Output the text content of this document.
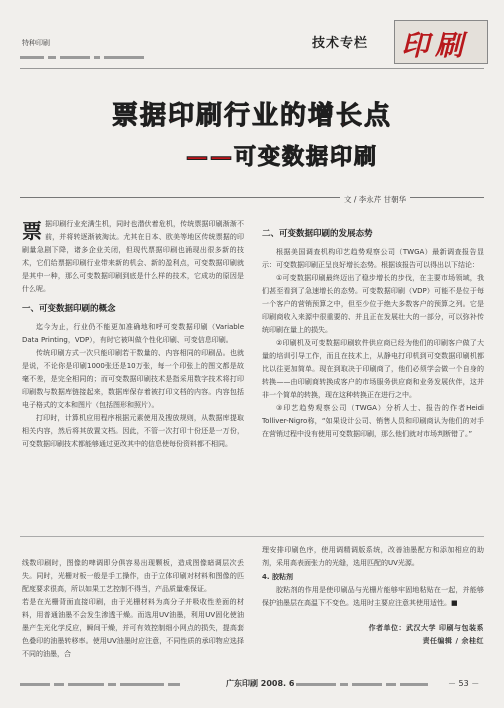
特种印刷	技术专栏 印刷
票据印刷行业的增长点
——可变数据印刷
文 / 李永芹 甘朝华
票 据印刷行业充满生机，同时也潜伏着危机，传统票据印刷渐渐不前，并将转逐渐被淘汰。尤其在日本、欧美等地区传统票据的印刷量急剧下降，诸多企业关闭，但现代票据印刷也涌现出很多新的技术，它们给票据印刷行业带来新的机会、新的盈利点，可变数据印刷就是其中一种，那么可变数据印刷到底是什么样的技术，它成功的原因是什么呢。
一、可变数据印刷的概念

迄今为止，行业仍不能更加准确地和呼可变数据印刷（Variable Data Printing，VDP），有时它被叫做个性化印刷、可变信息印刷。

传统印刷方式一次只能印刷若干数量的、内容相同的印刷品。也就是说，不论你是印刷1000张还是10万张，每一个印张上的图文都是故毫不差，是完全相同的；而可变数据印刷技术是指采用数字技术将打印印刷数与数据库链接起来，数据库保存着被打印文档的内容。内容包括电子格式的文本和图片（包括图形和照片）。

打印时，计算机应用程序根据元素使用及搜放规则，从数据库提取相关内容，然后将其放置文档。因此，不管一次打印十份还是一万份，可变数据印刷技术都能够通过更改其中的信息使每份资料都不相同。

二、可变数据印刷的发展态势

根据美国调查机构印艺趋势观察公司（TWGA）最新调查报告显示：可变数据印刷正呈良好增长态势。根据该报告可以得出以下结论：

①可变数据印刷最终迈出了稳步增长的步伐，在主要市场领域，我们甚至看到了急速增长的态势。可变数据印刷（VDP）可能不是位于每一个客户的营销预算之中，但至少位于绝大多数客户的预算之列。它是印刷商收入来源中很重要的、并且正在发展壮大的一部分，可以弥补传统印刷在量上的损失。

②印刷机及可变数据印刷软件供应商已经为他们的印刷客户做了大量的培训引导工作，而且在技术上，从静电打印机到可变数据印刷机都比以往更加简单。现在到取决于印刷商了，他们必须学会做一个自身的转换——由印刷商转换成客户的市场服务供应商和业务发展伙伴，这并非一个简单的转换，现在这种转换正在进行之中。

③印艺趋势观察公司（TWGA）分析人士、报告的作者Heidi Tolliver-Nigro称，“如果设计公司、销售人员和印刷商认为他们的对手在营销过程中没有使用可变数据印刷，那么他们就对市场判断错了。”

线数印刷时，图像的啤调即分俱容易出现颗板，造成图像暗调层次丢失。同时，光栅对板一般是手工操作，由于立体印刷对材料和图像的匹配度要求很高，所以如果工艺控制不得当，产品质量难保证。
若是在光栅背面直接印刷，由于光栅材料为高分子并吸收性差面的材料，用普通油墨不会发生渗透干燥。而选用UV油墨，利用UV固化使油墨产生光化学反应，瞬间干燥，并可有效控制细小网点的损失，提高套色叠印的油墨转移率。使用UV油墨时应注意，不同性质的承印物应选择不同的油墨，合

理安排印刷色序，使用调精调版系统，改善油墨配方和添加相应的助剂，采用高表面张力的光缝，选用匹配的UV光源。
4. 胶粘剂
胶粘剂的作用是使印刷品与光栅片能够牢固地粘贴在一起，并能够保护油墨层在高温下不变色。选用时主要应注意其使用适性。■
作者单位：武汉大学 印刷与包装系
责任编辑 / 余桂红
广东印刷 2008. 6	－ 53 －
